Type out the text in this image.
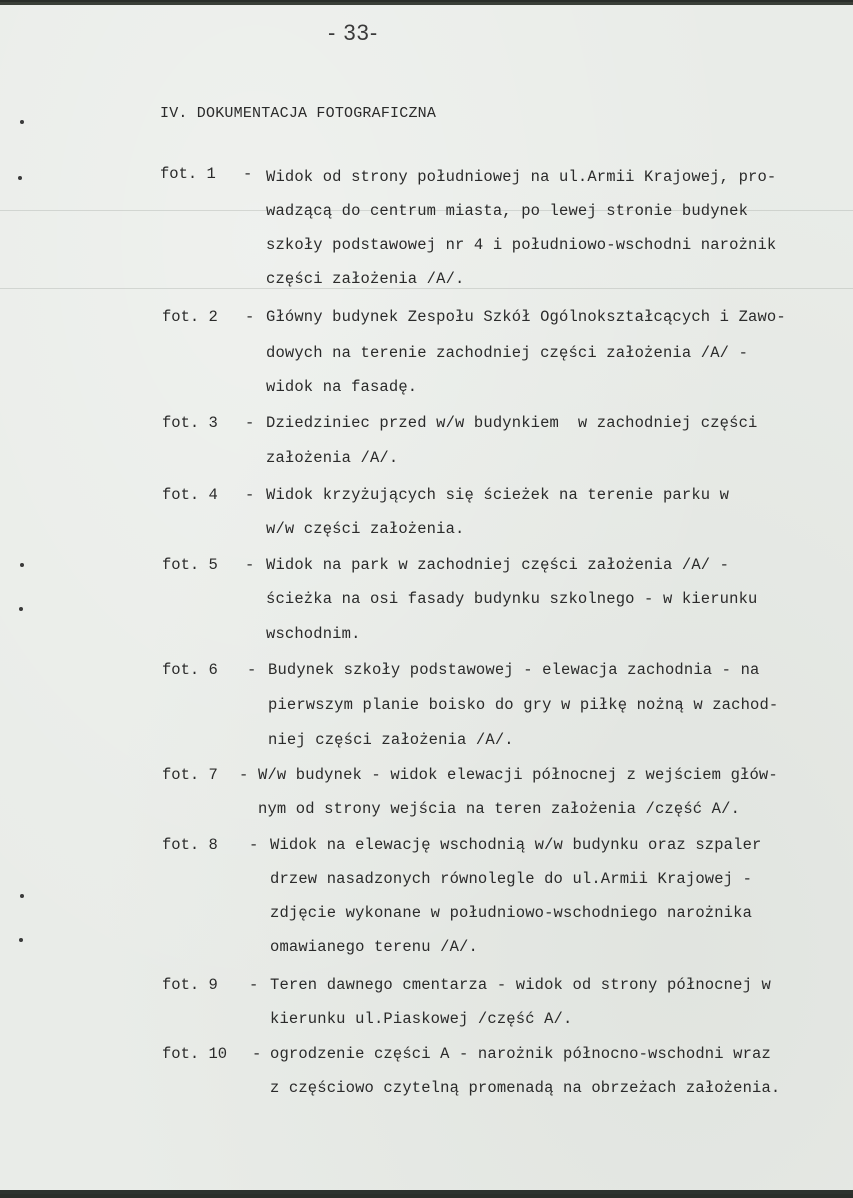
- 33-
IV. DOKUMENTACJA FOTOGRAFICZNA
fot. 1 - Widok od strony południowej na ul.Armii Krajowej, pro-
wadzącą do centrum miasta, po lewej stronie budynek
szkoły podstawowej nr 4 i południowo-wschodni narożnik
części założenia /A/.
fot. 2 - Główny budynek Zespołu Szkół Ogólnokształcących i Zawo-
dowych na terenie zachodniej części założenia /A/ -
widok na fasadę.
fot. 3 - Dziedziniec przed w/w budynkiem  w zachodniej części
założenia /A/.
fot. 4 - Widok krzyżujących się ścieżek na terenie parku w
w/w części założenia.
fot. 5 - Widok na park w zachodniej części założenia /A/ -
ścieżka na osi fasady budynku szkolnego - w kierunku
wschodnim.
fot. 6 - Budynek szkoły podstawowej - elewacja zachodnia - na
pierwszym planie boisko do gry w piłkę nożną w zachod-
niej części założenia /A/.
fot. 7 - W/w budynek - widok elewacji północnej z wejściem głów-
nym od strony wejścia na teren założenia /część A/.
fot. 8 - Widok na elewację wschodnią w/w budynku oraz szpaler
drzew nasadzonych równolegle do ul.Armii Krajowej -
zdjęcie wykonane w południowo-wschodniego narożnika
omawianego terenu /A/.
fot. 9 - Teren dawnego cmentarza - widok od strony północnej w
kierunku ul.Piaskowej /część A/.
fot. 10 - ogrodzenie części A - narożnik północno-wschodni wraz
z częściowo czytelną promenadą na obrzeżach założenia.
